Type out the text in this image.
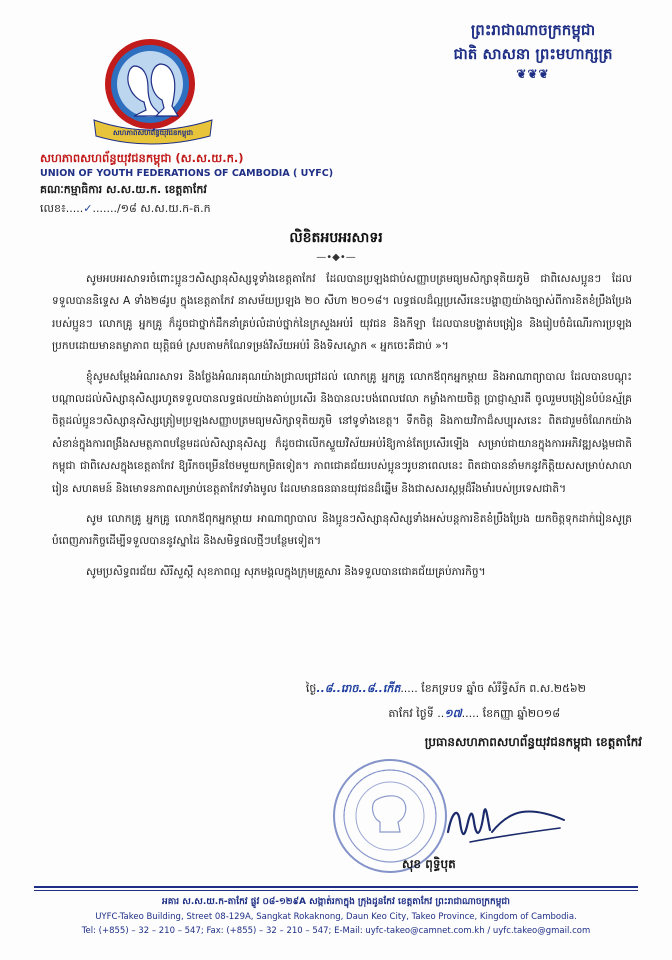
ព្រះរាជាណាចក្រកម្ពុជា
ជាតិ សាសនា ព្រះមហាក្សត្រ
❦❦❦
សហភាពសហព័ន្ធយុវជនកម្ពុជា
សហភាពសហព័ន្ធយុវជនកម្ពុជា (ស.ស.យ.ក.)
UNION OF YOUTH FEDERATIONS OF CAMBODIA ( UYFC)
គណៈកម្មាធិការ ស.ស.យ.ក. ខេត្តតាកែវ
លេខ៖.....✓......./១៨ ស.ស.យ.ក-ត.ក
លិខិតអបអរសាទរ
—•◆•—

សូមអបអរសាទរចំពោះប្អូនៗសិស្សានុសិស្សទូទាំងខេត្តតាកែវ ដែលបានប្រឡងជាប់សញ្ញាបត្រមធ្យមសិក្សាទុតិយភូមិ ជាពិសេសប្អូនៗ ដែលទទួលបាននិទ្ទេស A ទាំង២៨រូប ក្នុងខេត្តតាកែវ នាសម័យប្រឡង ២០ សីហា ២០១៨។ លទ្ធផលដ៏ល្អប្រសើរនេះបង្ហាញយ៉ាងច្បាស់ពីការខិតខំប្រឹងប្រែងរបស់ប្អូនៗ លោកគ្រូ អ្នកគ្រូ ក៏ដូចជាថ្នាក់ដឹកនាំគ្រប់លំដាប់ថ្នាក់នៃក្រសួងអប់រំ យុវជន និងកីឡា ដែលបានបង្ហាត់បង្រៀន និងរៀបចំដំណើរការប្រឡងប្រកបដោយមានតម្លាភាព យុត្តិធម៌ ស្របតាមកំណែទម្រង់វិស័យអប់រំ និងទិសស្លោក « អ្នកចេះគឺជាប់ »។

ខ្ញុំសូមសម្តែងអំណរសាទរ និងថ្លែងអំណរគុណយ៉ាងជ្រាលជ្រៅដល់ លោកគ្រូ អ្នកគ្រូ លោកឪពុកអ្នកម្តាយ និងអាណាព្យាបាល ដែលបានបណ្តុះបណ្តាលដល់សិស្សានុសិស្សរហូតទទួលបានលទ្ធផលយ៉ាងគាប់ប្រសើរ និងបានលះបង់ពេលវេលា កម្លាំងកាយចិត្ត ប្រាជ្ញាស្មារតី ចូលរួមបង្រៀនបំប៉នស្ម័គ្រចិត្តដល់ប្អូនៗសិស្សានុសិស្សត្រៀមប្រឡងសញ្ញាបត្រមធ្យមសិក្សាទុតិយភូមិ នៅទូទាំងខេត្ត។ ទឹកចិត្ត និងកាយវិកាដ៏សប្បុរសនេះ ពិតជារួមចំណែកយ៉ាងសំខាន់ក្នុងការពង្រឹងសមត្ថភាពបន្ថែមដល់សិស្សានុសិស្ស ក៏ដូចជាលើកស្ទួយវិស័យអប់រំឱ្យកាន់តែប្រសើរឡើង សម្រាប់ជាយានក្នុងការអភិវឌ្ឍសង្គមជាតិកម្ពុជា ជាពិសេសក្នុងខេត្តតាកែវ ឱ្យរីកចម្រើនថែមមួយកម្រិតទៀត។ ភាពជោគជ័យរបស់ប្អូនៗរូបនាពេលនេះ ពិតជាបាននាំមកនូវកិត្តិយសសម្រាប់សាលារៀន សហគមន៍ និងមោទនភាពសម្រាប់ខេត្តតាកែវទាំងមូល ដែលមានធនធានយុវជនដ៏ឆ្នើម និងជាសសរស្តម្ភដ៏រឹងមាំរបស់ប្រទេសជាតិ។

សូម លោកគ្រូ អ្នកគ្រូ លោកឪពុកអ្នកម្តាយ អាណាព្យាបាល និងប្អូនៗសិស្សានុសិស្សទាំងអស់បន្តការខិតខំប្រឹងប្រែង យកចិត្តទុកដាក់រៀនសូត្រ បំពេញភារកិច្ចដើម្បីទទួលបាននូវស្នាដៃ និងសមិទ្ធផលថ្មីៗបន្ថែមទៀត។

សូមប្រសិទ្ធពរជ័យ សិរីសួស្តី សុខភាពល្អ សុភមង្គលក្នុងក្រុមគ្រួសារ និងទទួលបានជោគជ័យគ្រប់ភារកិច្ច។

ថ្ងៃ..៨..រោច..៨..កើត..... ខែភទ្របទ ឆ្នាំច សំរឹទ្ធិស័ក ព.ស.២៥៦២
តាកែវ ថ្ងៃទី ..១៧..... ខែកញ្ញា ឆ្នាំ២០១៨
ប្រធានសហភាពសហព័ន្ធយុវជនកម្ពុជា ខេត្តតាកែវ
សុខ ពុទ្ធិបុត
អគារ ស.ស.យ.ក-តាកែវ ផ្លូវ ០៨-១២៩A សង្កាត់រកាក្នុង ក្រុងដូនកែវ ខេត្តតាកែវ ព្រះរាជាណាចក្រកម្ពុជា
UYFC-Takeo Building, Street 08-129A, Sangkat Rokaknong, Daun Keo City, Takeo Province, Kingdom of Cambodia.
Tel: (+855) – 32 – 210 – 547; Fax: (+855) – 32 – 210 – 547; E-Mail: uyfc-takeo@camnet.com.kh / uyfc.takeo@gmail.com
